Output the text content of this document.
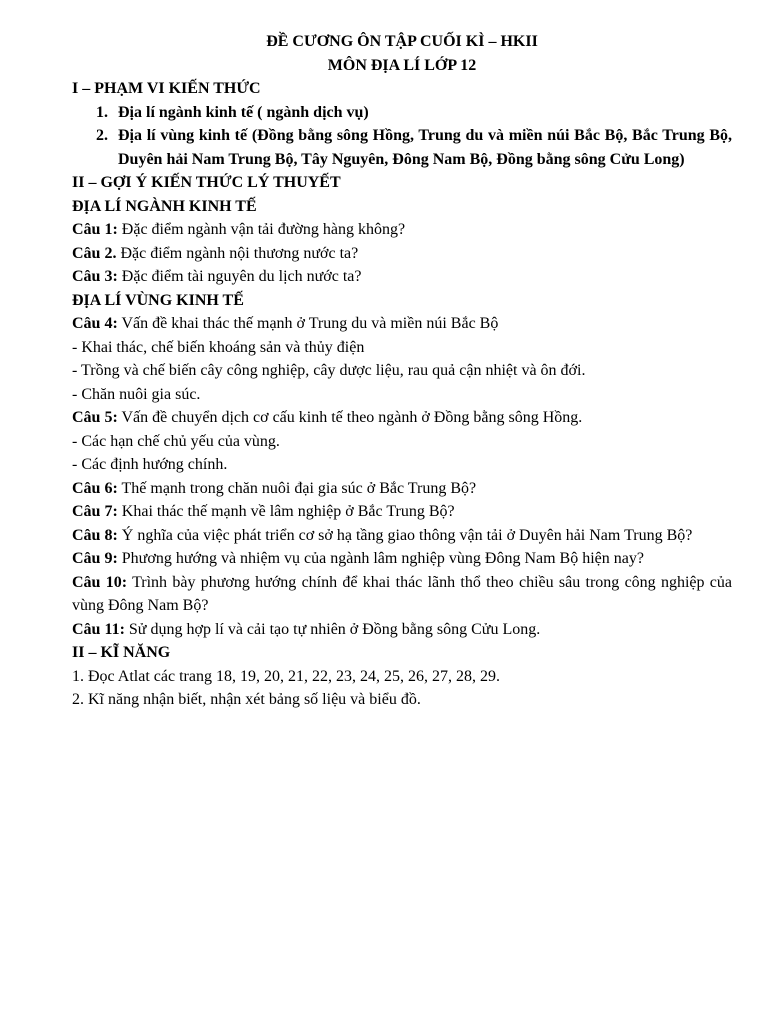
ĐỀ CƯƠNG ÔN TẬP CUỐI KÌ – HKII

MÔN ĐỊA LÍ LỚP 12

I – PHẠM VI KIẾN THỨC

1. Địa lí ngành kinh tế ( ngành dịch vụ)
2. Địa lí vùng kinh tế (Đồng bằng sông Hồng, Trung du và miền núi Bắc Bộ, Bắc Trung Bộ, Duyên hải Nam Trung Bộ, Tây Nguyên, Đông Nam Bộ, Đồng bằng sông Cửu Long)

II – GỢI Ý KIẾN THỨC LÝ THUYẾT

ĐỊA LÍ NGÀNH KINH TẾ

Câu 1: Đặc điểm ngành vận tải đường hàng không?

Câu 2. Đặc điểm ngành nội thương nước ta?

Câu 3: Đặc điểm tài nguyên du lịch nước ta?

ĐỊA LÍ VÙNG KINH TẾ

Câu 4: Vấn đề khai thác thế mạnh ở Trung du và miền núi Bắc Bộ

- Khai thác, chế biến khoáng sản và thủy điện

- Trồng và chế biến cây công nghiệp, cây dược liệu, rau quả cận nhiệt và ôn đới.

- Chăn nuôi gia súc.

Câu 5: Vấn đề chuyển dịch cơ cấu kinh tế theo ngành ở Đồng bằng sông Hồng.

- Các hạn chế chủ yếu của vùng.

- Các định hướng chính.

Câu 6: Thế mạnh trong chăn nuôi đại gia súc ở Bắc Trung Bộ?

Câu 7: Khai thác thế mạnh về lâm nghiệp ở Bắc Trung Bộ?

Câu 8: Ý nghĩa của việc phát triển cơ sở hạ tầng giao thông vận tải ở Duyên hải Nam Trung Bộ?

Câu 9: Phương hướng và nhiệm vụ của ngành lâm nghiệp vùng Đông Nam Bộ hiện nay?

Câu 10: Trình bày phương hướng chính để khai thác lãnh thổ theo chiều sâu trong công nghiệp của vùng Đông Nam Bộ?

Câu 11: Sử dụng hợp lí và cải tạo tự nhiên ở Đồng bằng sông Cửu Long.

II – KĨ NĂNG

1. Đọc Atlat các trang 18, 19, 20, 21, 22, 23, 24, 25, 26, 27, 28, 29.

2. Kĩ năng nhận biết, nhận xét bảng số liệu và biểu đồ.
